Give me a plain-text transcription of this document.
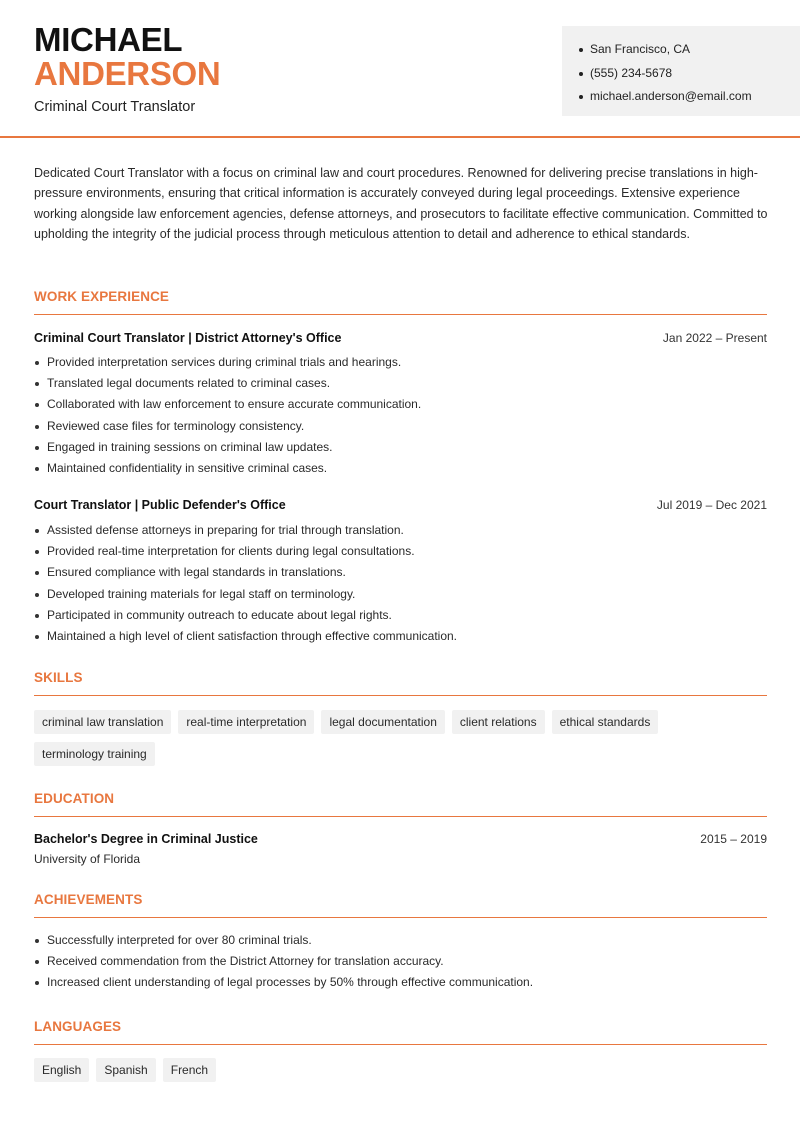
MICHAEL
ANDERSON
Criminal Court Translator
San Francisco, CA
(555) 234-5678
michael.anderson@email.com
Dedicated Court Translator with a focus on criminal law and court procedures. Renowned for delivering precise translations in high-pressure environments, ensuring that critical information is accurately conveyed during legal proceedings. Extensive experience working alongside law enforcement agencies, defense attorneys, and prosecutors to facilitate effective communication. Committed to upholding the integrity of the judicial process through meticulous attention to detail and adherence to ethical standards.
WORK EXPERIENCE
Criminal Court Translator | District Attorney's Office	Jan 2022 – Present
Provided interpretation services during criminal trials and hearings.
Translated legal documents related to criminal cases.
Collaborated with law enforcement to ensure accurate communication.
Reviewed case files for terminology consistency.
Engaged in training sessions on criminal law updates.
Maintained confidentiality in sensitive criminal cases.
Court Translator | Public Defender's Office	Jul 2019 – Dec 2021
Assisted defense attorneys in preparing for trial through translation.
Provided real-time interpretation for clients during legal consultations.
Ensured compliance with legal standards in translations.
Developed training materials for legal staff on terminology.
Participated in community outreach to educate about legal rights.
Maintained a high level of client satisfaction through effective communication.
SKILLS
criminal law translation real-time interpretation legal documentation client relations ethical standardsterminology training
EDUCATION
Bachelor's Degree in Criminal Justice	2015 – 2019
University of Florida
ACHIEVEMENTS
Successfully interpreted for over 80 criminal trials.
Received commendation from the District Attorney for translation accuracy.
Increased client understanding of legal processes by 50% through effective communication.
LANGUAGES
English Spanish French
